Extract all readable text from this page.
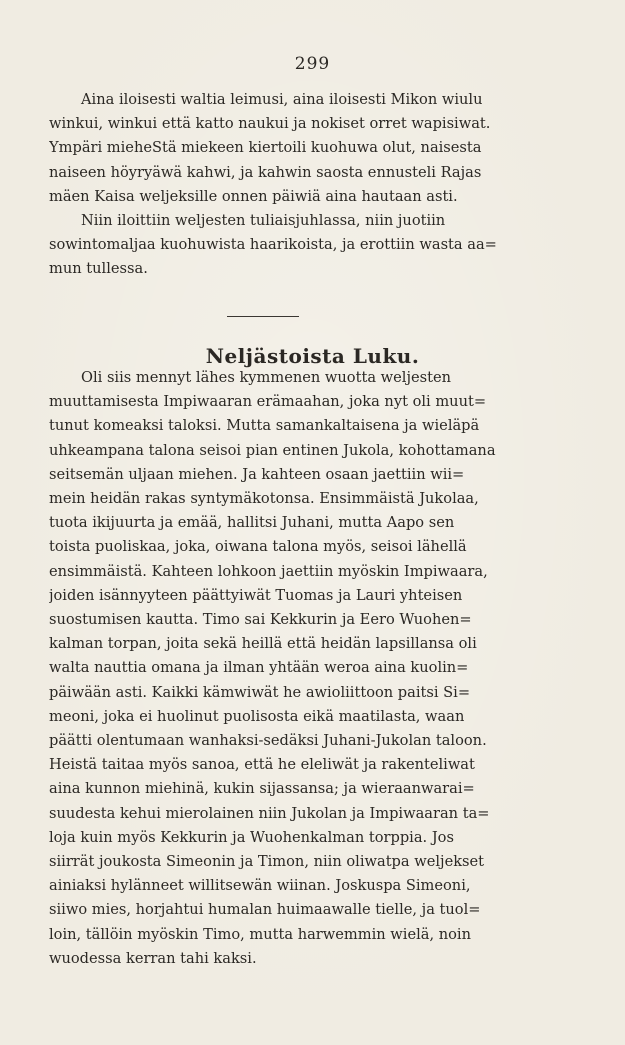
299
Aina iloisesti waltia leimusi, aina iloisesti Mikon wiulu
winkui, winkui että katto naukui ja nokiset orret wapisiwat.
Ympäri mieheStä miekeen kiertoili kuohuwa olut, naisesta
naiseen höyryäwä kahwi, ja kahwin saosta ennusteli Rajas
mäen Kaisa weljeksille onnen päiwiä aina hautaan asti.
Niin iloittiin weljesten tuliaisjuhlassa, niin juotiin
sowintomaljaa kuohuwista haarikoista, ja erottiin wasta aa=
mun tullessa.
Neljästoista Luku.
Oli siis mennyt lähes kymmenen wuotta weljesten
muuttamisesta Impiwaaran erämaahan, joka nyt oli muut=
tunut komeaksi taloksi. Mutta samankaltaisena ja wieläpä
uhkeampana talona seisoi pian entinen Jukola, kohottamana
seitsemän uljaan miehen. Ja kahteen osaan jaettiin wii=
mein heidän rakas syntymäkotonsa. Ensimmäistä Jukolaa,
tuota ikijuurta ja emää, hallitsi Juhani, mutta Aapo sen
toista puoliskaa, joka, oiwana talona myös, seisoi lähellä
ensimmäistä. Kahteen lohkoon jaettiin myöskin Impiwaara,
joiden isännyyteen päättyiwät Tuomas ja Lauri yhteisen
suostumisen kautta. Timo sai Kekkurin ja Eero Wuohen=
kalman torpan, joita sekä heillä että heidän lapsillansa oli
walta nauttia omana ja ilman yhtään weroa aina kuolin=
päiwään asti. Kaikki kämwiwät he awioliittoon paitsi Si=
meoni, joka ei huolinut puolisosta eikä maatilasta, waan
päätti olentumaan wanhaksi-sedäksi Juhani-Jukolan taloon.
Heistä taitaa myös sanoa, että he eleliwät ja rakenteliwat
aina kunnon miehinä, kukin sijassansa; ja wieraanwarai=
suudesta kehui mierolainen niin Jukolan ja Impiwaaran ta=
loja kuin myös Kekkurin ja Wuohenkalman torppia. Jos
siirrät joukosta Simeonin ja Timon, niin oliwatpa weljekset
ainiaksi hylänneet willitsewän wiinan. Joskuspa Simeoni,
siiwo mies, horjahtui humalan huimaawalle tielle, ja tuol=
loin, tällöin myöskin Timo, mutta harwemmin wielä, noin
wuodessa kerran tahi kaksi.
